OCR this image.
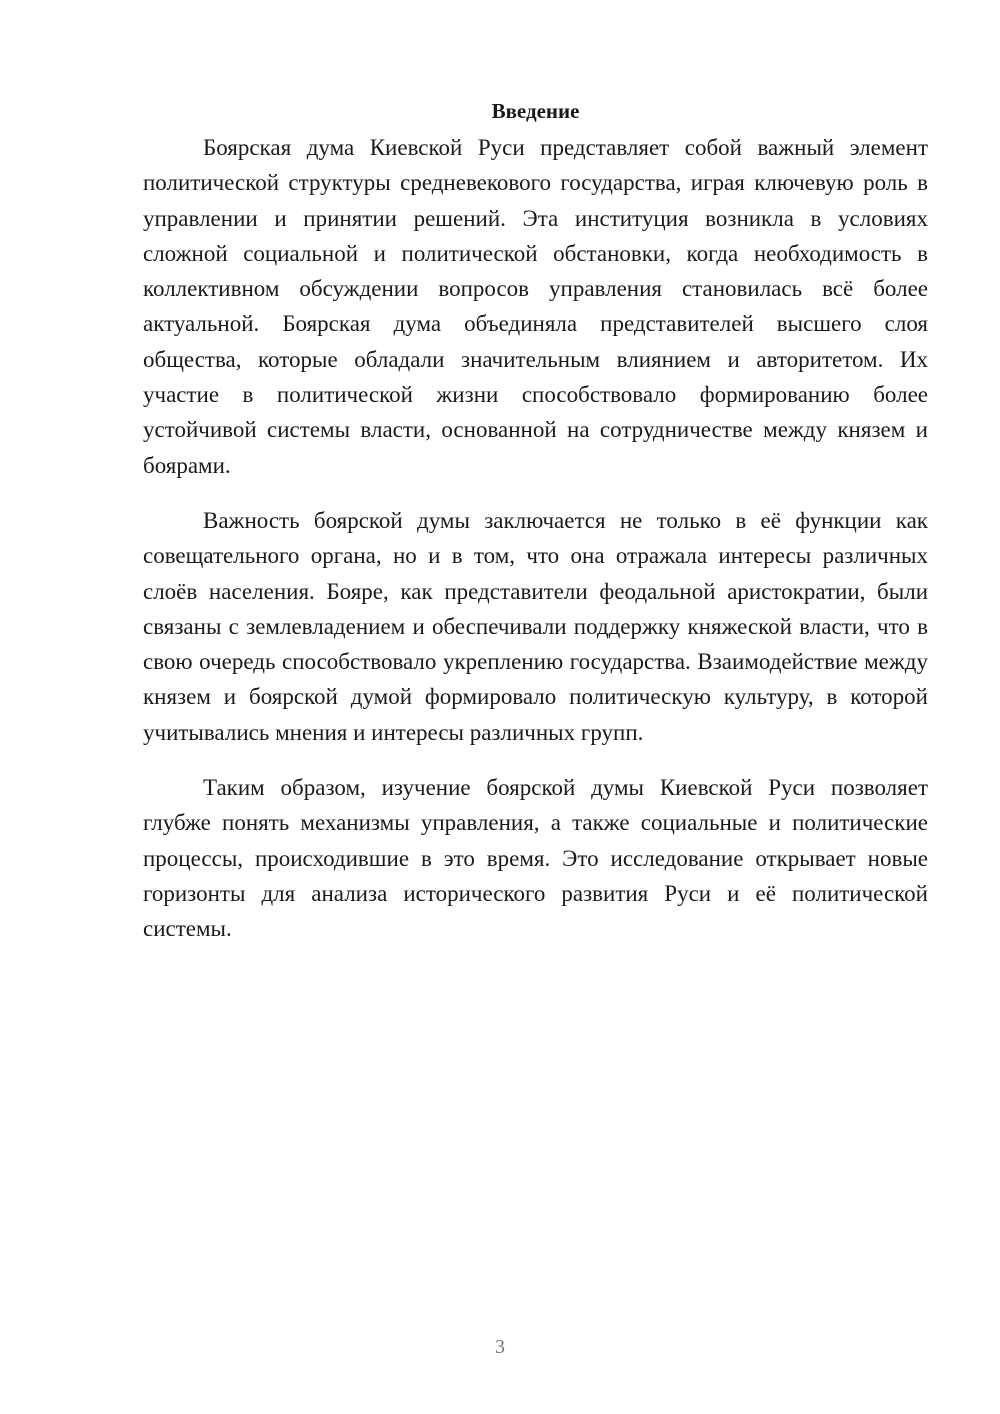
Введение

Боярская дума Киевской Руси представляет собой важный элемент политической структуры средневекового государства, играя ключевую роль в управлении и принятии решений. Эта институция возникла в условиях сложной социальной и политической обстановки, когда необходимость в коллективном обсуждении вопросов управления становилась всё более актуальной. Боярская дума объединяла представителей высшего слоя общества, которые обладали значительным влиянием и авторитетом. Их участие в политической жизни способствовало формированию более устойчивой системы власти, основанной на сотрудничестве между князем и боярами.

Важность боярской думы заключается не только в её функции как совещательного органа, но и в том, что она отражала интересы различных слоёв населения. Бояре, как представители феодальной аристократии, были связаны с землевладением и обеспечивали поддержку княжеской власти, что в свою очередь способствовало укреплению государства. Взаимодействие между князем и боярской думой формировало политическую культуру, в которой учитывались мнения и интересы различных групп.

Таким образом, изучение боярской думы Киевской Руси позволяет глубже понять механизмы управления, а также социальные и политические процессы, происходившие в это время. Это исследование открывает новые горизонты для анализа исторического развития Руси и её политической системы.

3
